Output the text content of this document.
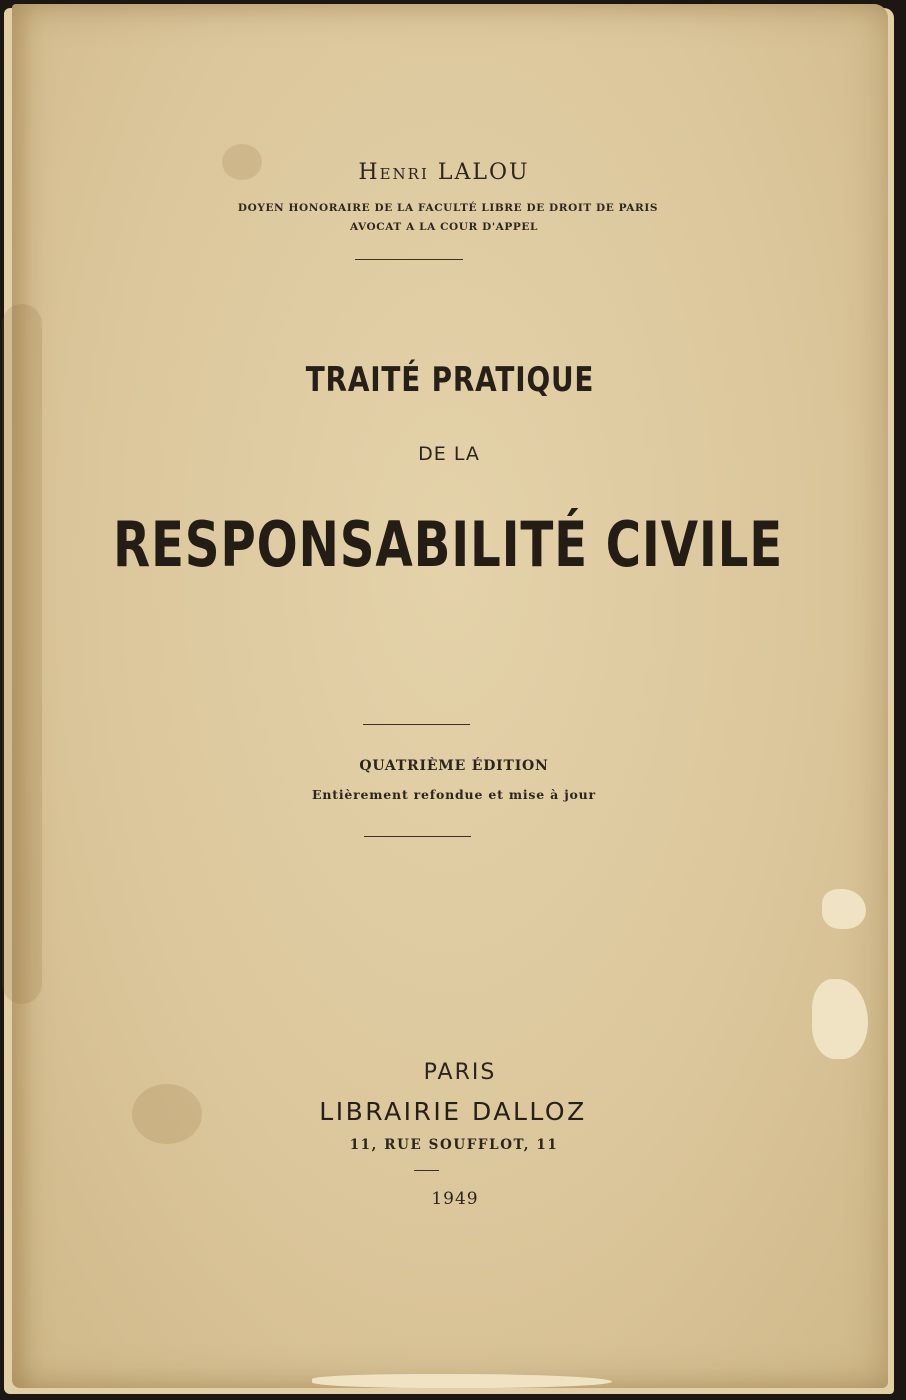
Henri LALOU
DOYEN HONORAIRE DE LA FACULTÉ LIBRE DE DROIT DE PARIS
AVOCAT A LA COUR D'APPEL
TRAITÉ PRATIQUE
DE LA
RESPONSABILITÉ CIVILE
QUATRIÈME ÉDITION
Entièrement refondue et mise à jour
PARIS
LIBRAIRIE DALLOZ
11, RUE SOUFFLOT, 11
1949
